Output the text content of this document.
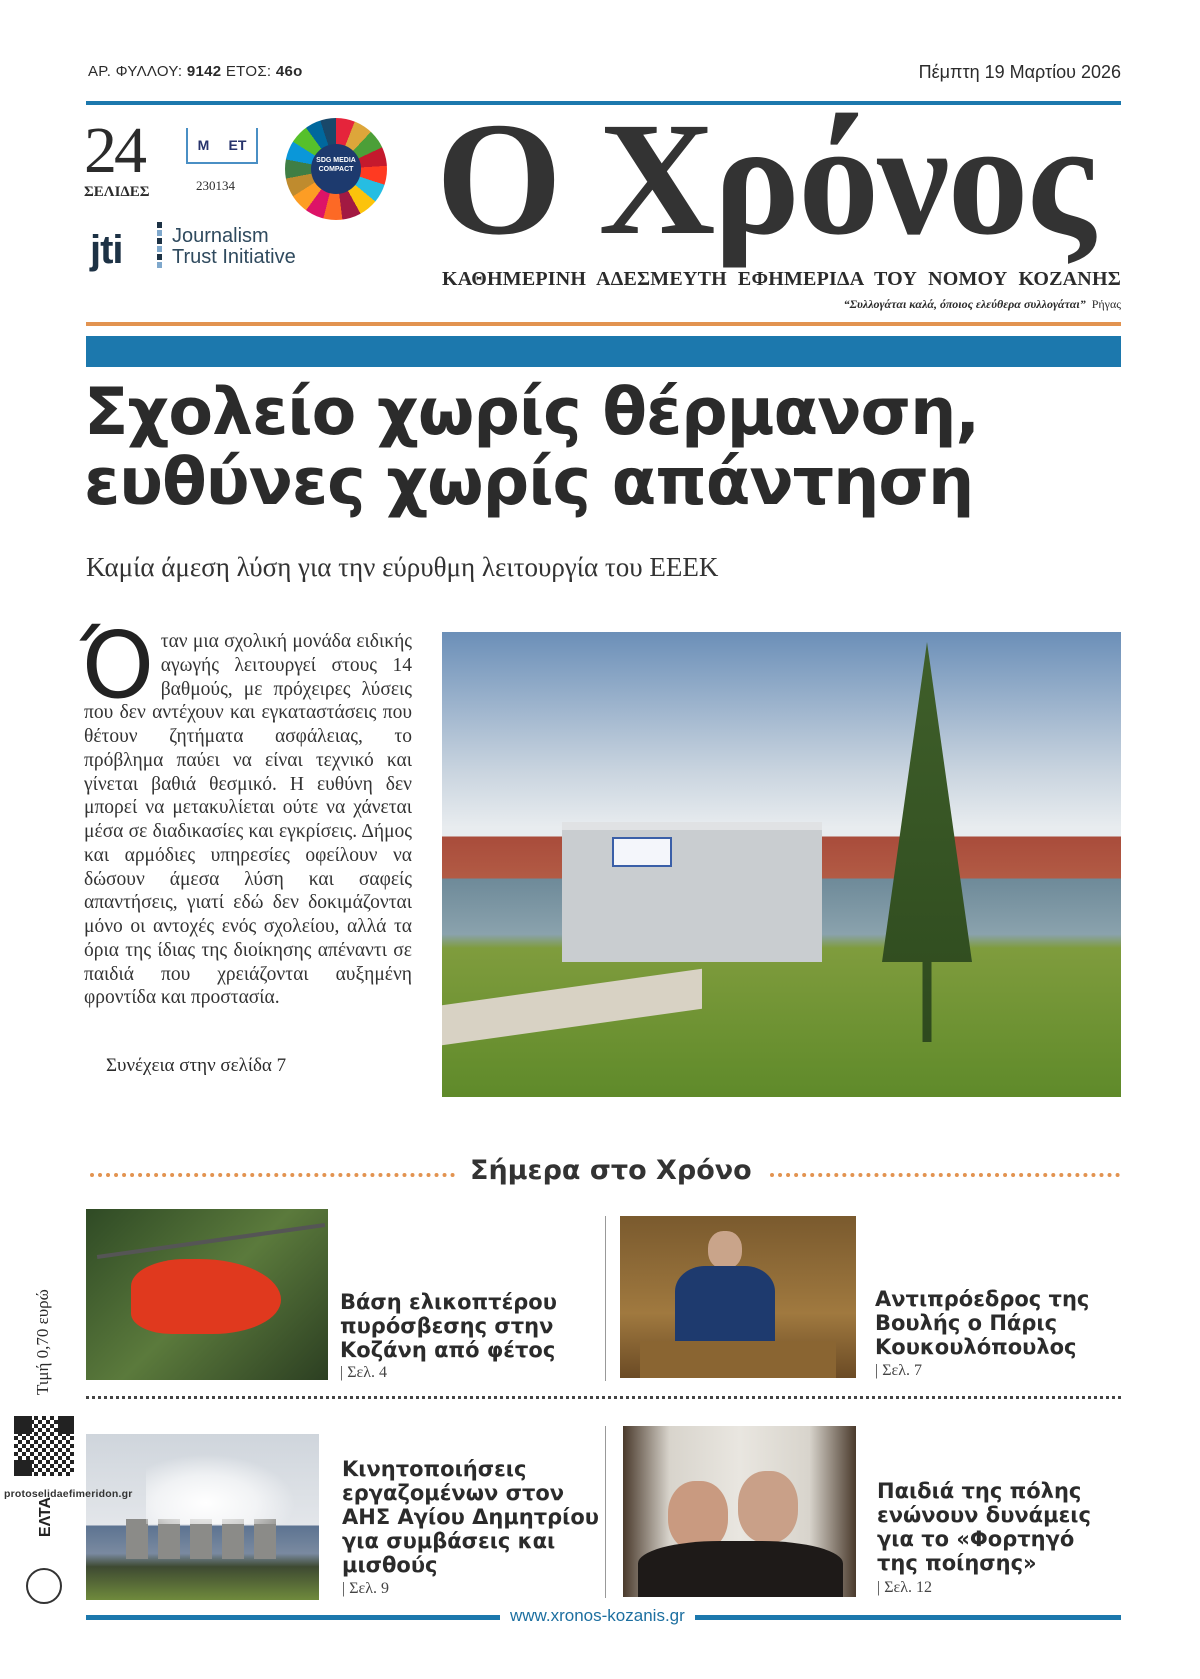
ΑΡ. ΦΥΛΛΟΥ: 9142 ΕΤΟΣ: 46ο	Πέμπτη 19 Μαρτίου 2026
24
ΣΕΛΙΔΕΣ
M ET
230134
SDG MEDIA COMPACT
jti Journalism
Trust Initiative Ο Χρόνος
ΚΑΘΗΜΕΡΙΝΗ ΑΔΕΣΜΕΥΤΗ ΕΦΗΜΕΡΙΔΑ ΤΟΥ ΝΟΜΟΥ ΚΟΖΑΝΗΣ
“Συλλογάται καλά, όποιος ελεύθερα συλλογάται” Ρήγας
Σχολείο χωρίς θέρμανση,
ευθύνες χωρίς απάντηση
Καμία άμεση λύση για την εύρυθμη λειτουργία του ΕΕΕΚ
Όταν μια σχολική μονάδα ειδικής αγωγής λειτουργεί στους 14 βαθμούς, με πρόχειρες λύσεις που δεν αντέχουν και εγκαταστάσεις που θέτουν ζητήματα ασφάλειας, το πρόβλημα παύει να είναι τεχνικό και γίνεται βαθιά θεσμικό. Η ευθύνη δεν μπορεί να μετακυλίεται ούτε να χάνεται μέσα σε διαδικασίες και εγκρίσεις. Δήμος και αρμόδιες υπηρεσίες οφείλουν να δώσουν άμεσα λύση και σαφείς απαντήσεις, γιατί εδώ δεν δοκιμάζονται μόνο οι αντοχές ενός σχολείου, αλλά τα όρια της ίδιας της διοίκησης απέναντι σε παιδιά που χρειάζονται αυξημένη φροντίδα και προστασία.
Συνέχεια στην σελίδα 7
Σήμερα στο Χρόνο
Βάση ελικοπτέρου πυρόσβεσης στην Κοζάνη από φέτος
| Σελ. 4
Αντιπρόεδρος της Βουλής ο Πάρις Κουκουλόπουλος
| Σελ. 7
Κινητοποιήσεις εργαζομένων στον ΑΗΣ Αγίου Δημητρίου για συμβάσεις και μισθούς
| Σελ. 9
Παιδιά της πόλης ενώνουν δυνάμεις για το «Φορτηγό της ποίησης»
| Σελ. 12
www.xronos-kozanis.gr
Τιμή 0,70 ευρώ
protoselidaefimeridon.gr
ΕΛΤΑ
